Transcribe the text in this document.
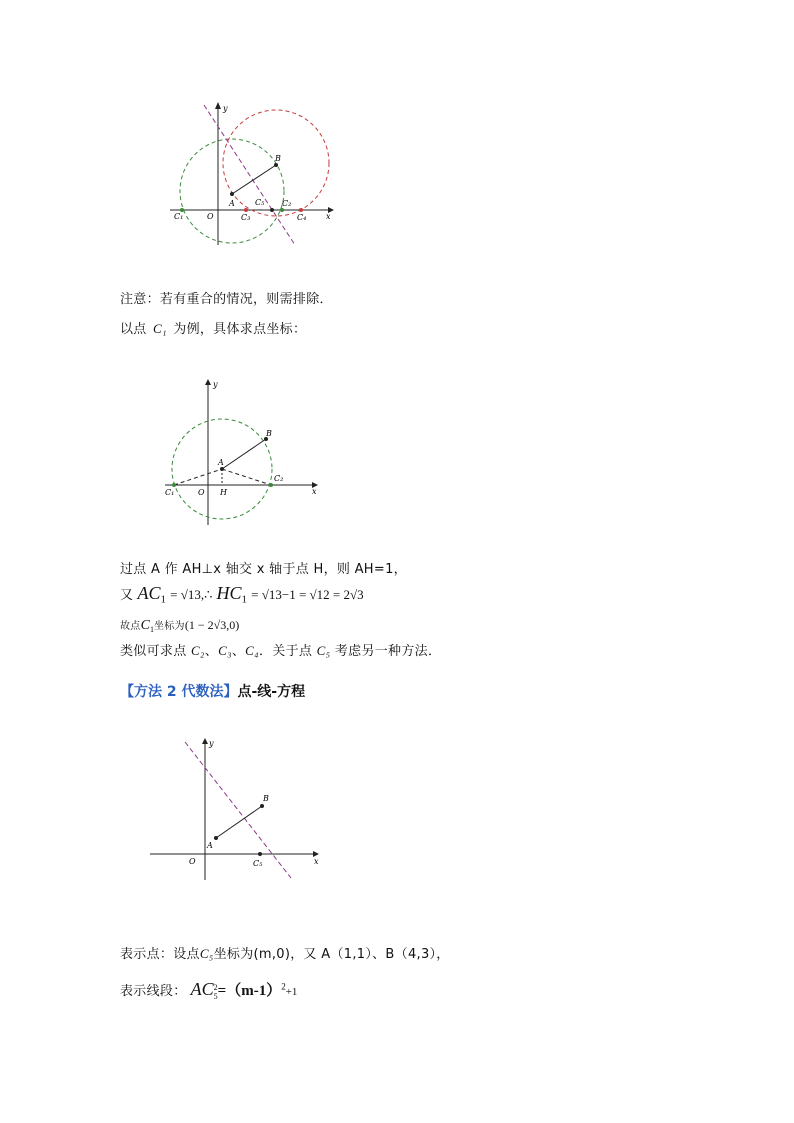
y
x
O
A
B
C₁	C₃
C₅ C₂
C₄
注意：若有重合的情况，则需排除．
以点 C₁ 为例，具体求点坐标：
y
x
O
A
B
H
C₁
C₂
过点 A 作 AH⊥x 轴交 x 轴于点 H，则 AH=1，
又 $AC_1$ = √13,∴ $HC_1 = √13-1 = √12 = 2√3$
故点$C_1$坐标为(1 − 2√3,0)
类似可求点 C₂、C₃、C₄．关于点 C₅ 考虑另一种方法．
【方法 2 代数法】点-线-方程
y
x
O
A
B
C₅
表示点：设点C₅坐标为(m,0)，又 A（1,1）、B（4,3），
表示线段： AC 2
$5 =(m-1)^2+1$
